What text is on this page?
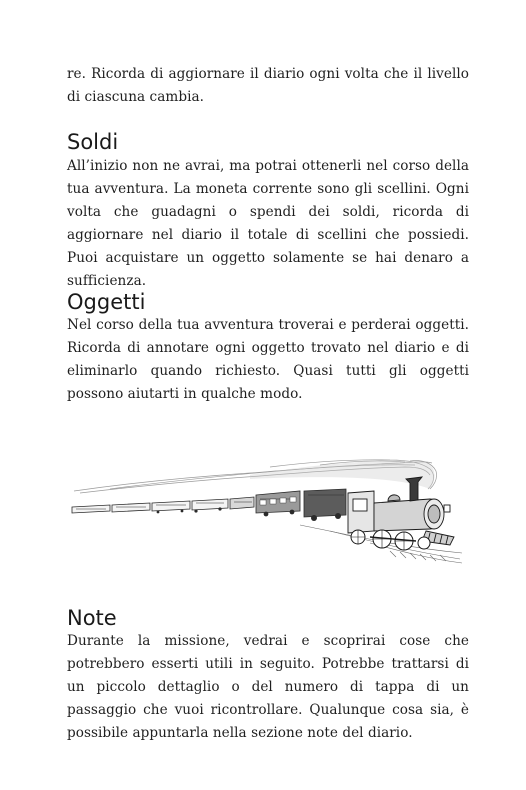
re. Ricorda di aggiornare il diario ogni volta che il livello di ciascuna cambia.

Soldi

All’inizio non ne avrai, ma potrai ottenerli nel corso della tua avventura. La moneta corrente sono gli scellini. Ogni volta che guadagni o spendi dei soldi, ricorda di aggiornare nel diario il totale di scellini che possiedi. Puoi acquistare un oggetto solamente se hai denaro a sufficienza.

Oggetti

Nel corso della tua avventura troverai e perderai oggetti. Ricorda di annotare ogni oggetto trovato nel diario e di eliminarlo quando richiesto. Quasi tutti gli oggetti possono aiutarti in qualche modo.

Note

Durante la missione, vedrai e scoprirai cose che potrebbero esserti utili in seguito. Potrebbe trattarsi di un piccolo dettaglio o del numero di tappa di un passaggio che vuoi ricontrollare. Qualunque cosa sia, è possibile appuntarla nella sezione note del diario.
